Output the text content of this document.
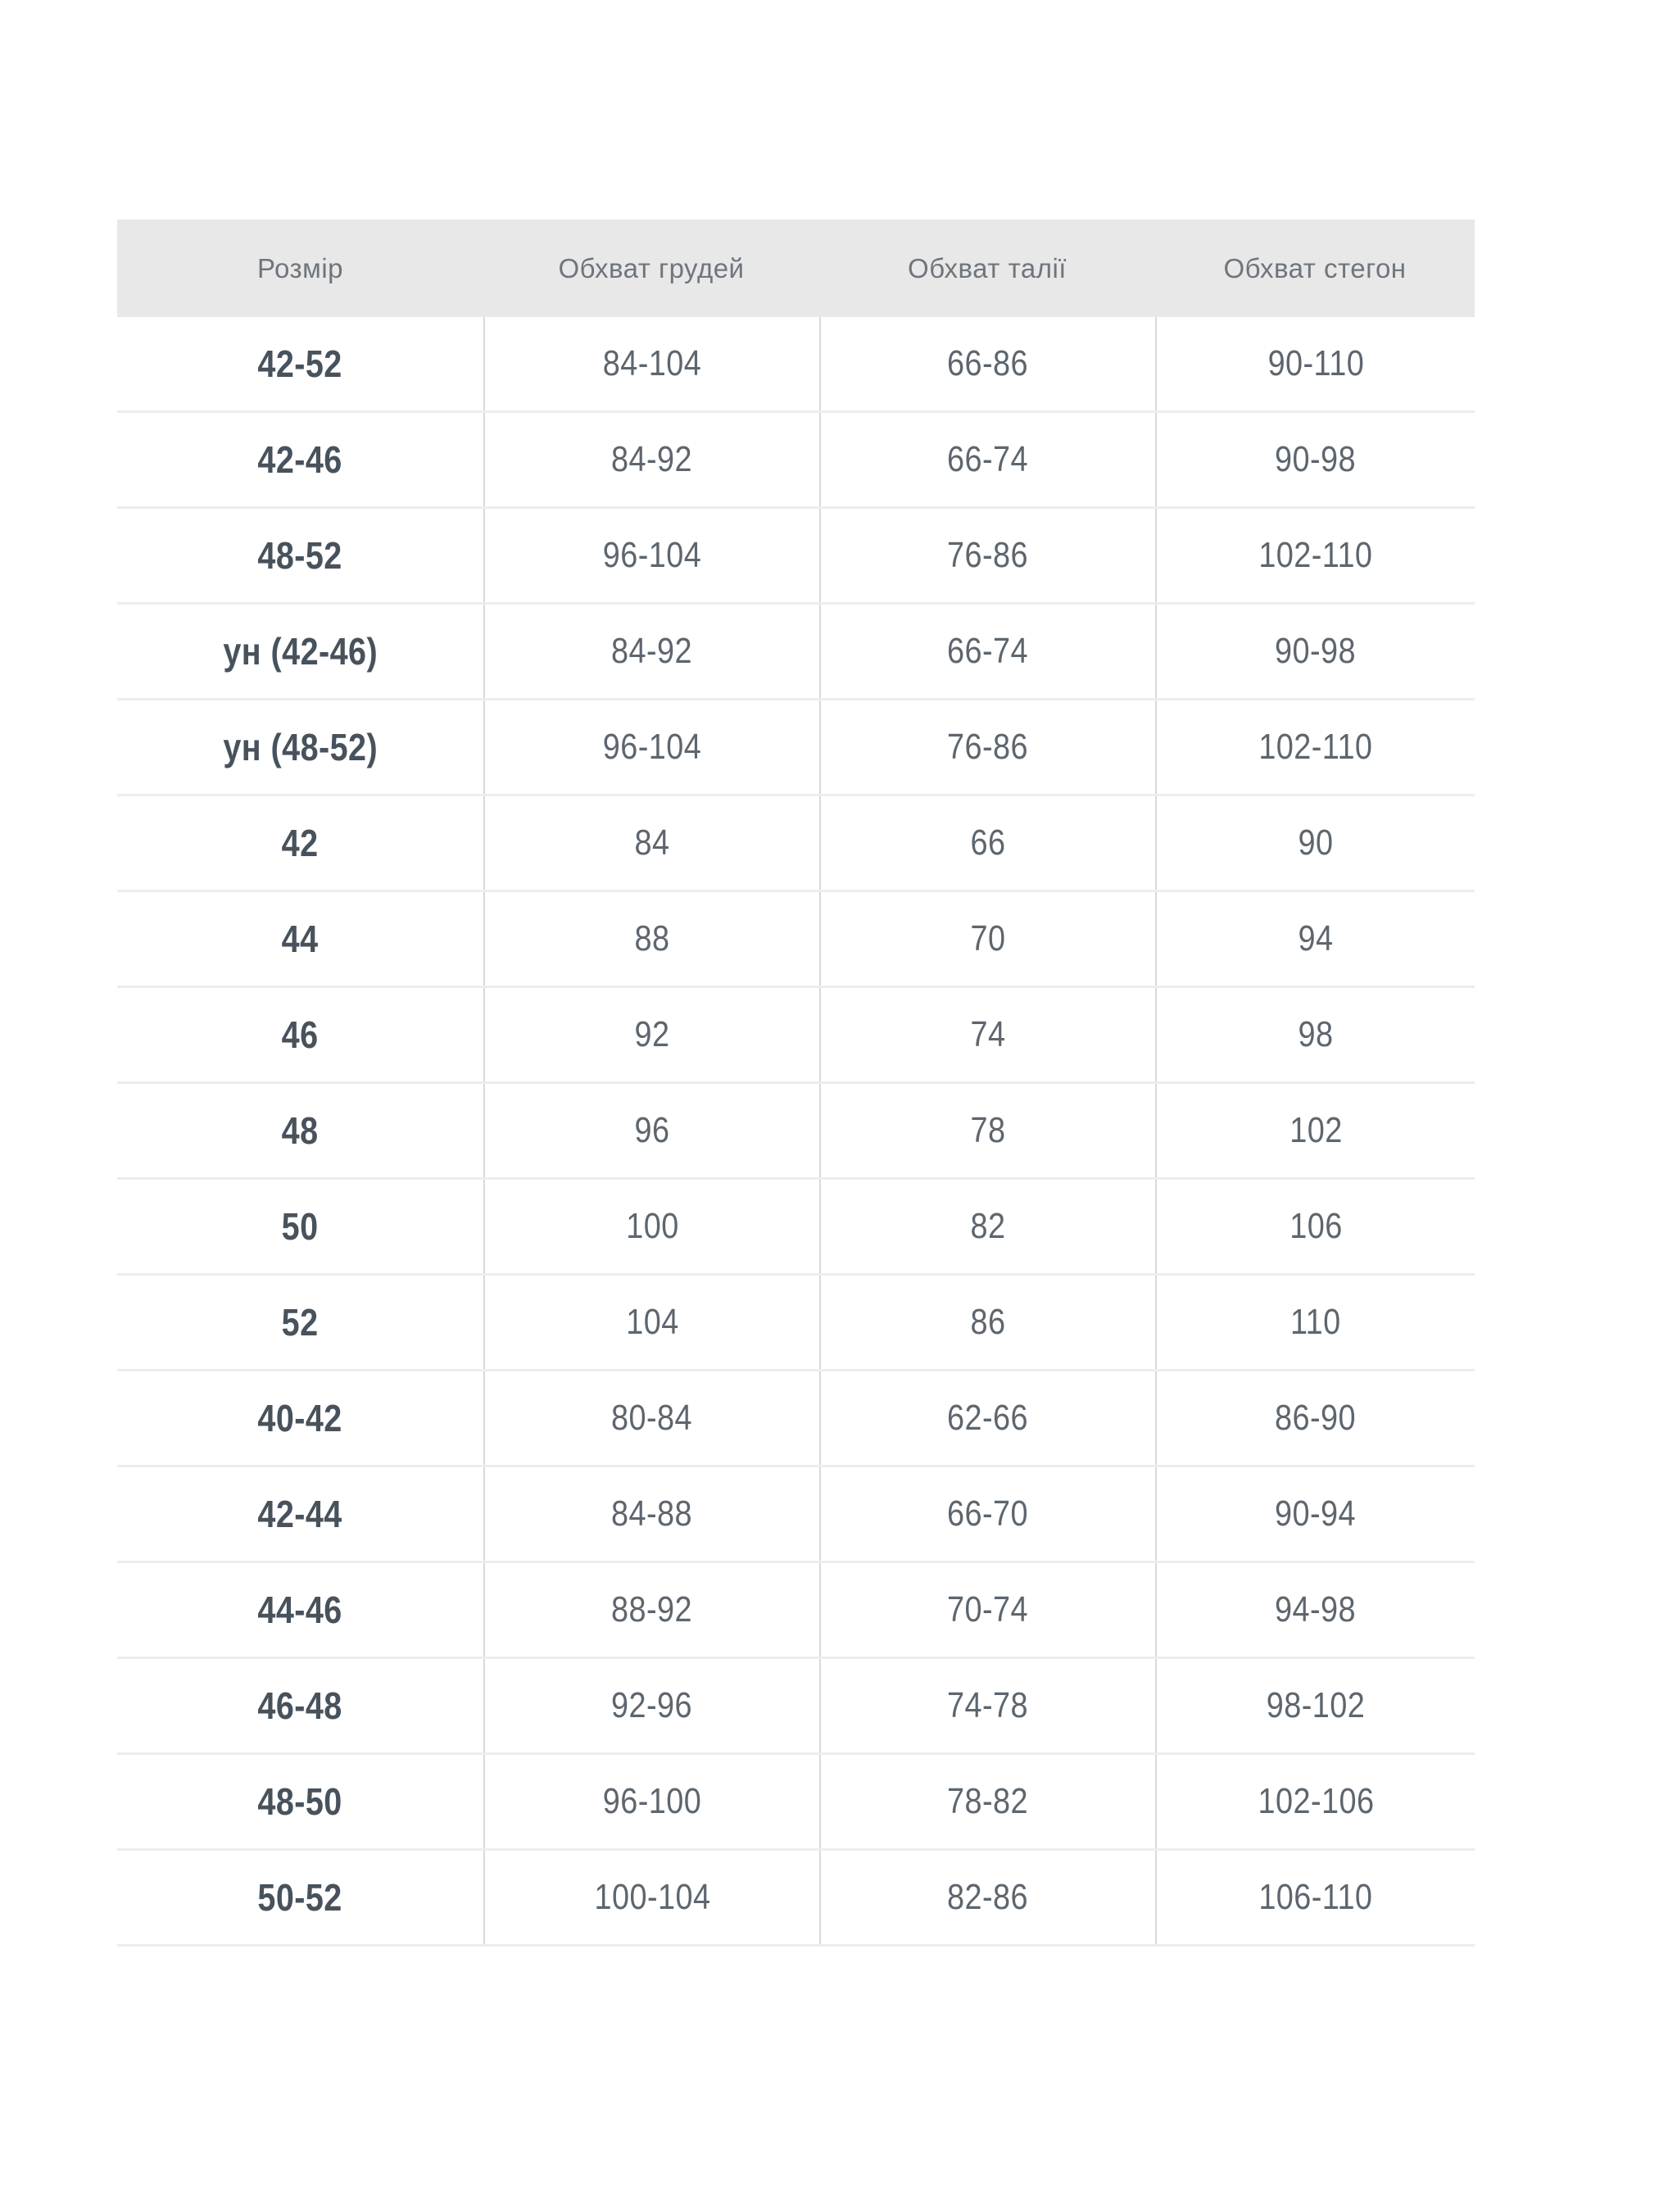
Розмір	Обхват грудей	Обхват талії	Обхват стегон
42-52	84-104	66-86	90-110
42-46	84-92	66-74	90-98
48-52	96-104	76-86	102-110
ун (42-46)	84-92	66-74	90-98
ун (48-52)	96-104	76-86	102-110
42	84	66	90
44	88	70	94
46	92	74	98
48	96	78	102
50	100	82	106
52	104	86	110
40-42	80-84	62-66	86-90
42-44	84-88	66-70	90-94
44-46	88-92	70-74	94-98
46-48	92-96	74-78	98-102
48-50	96-100	78-82	102-106
50-52	100-104	82-86	106-110
